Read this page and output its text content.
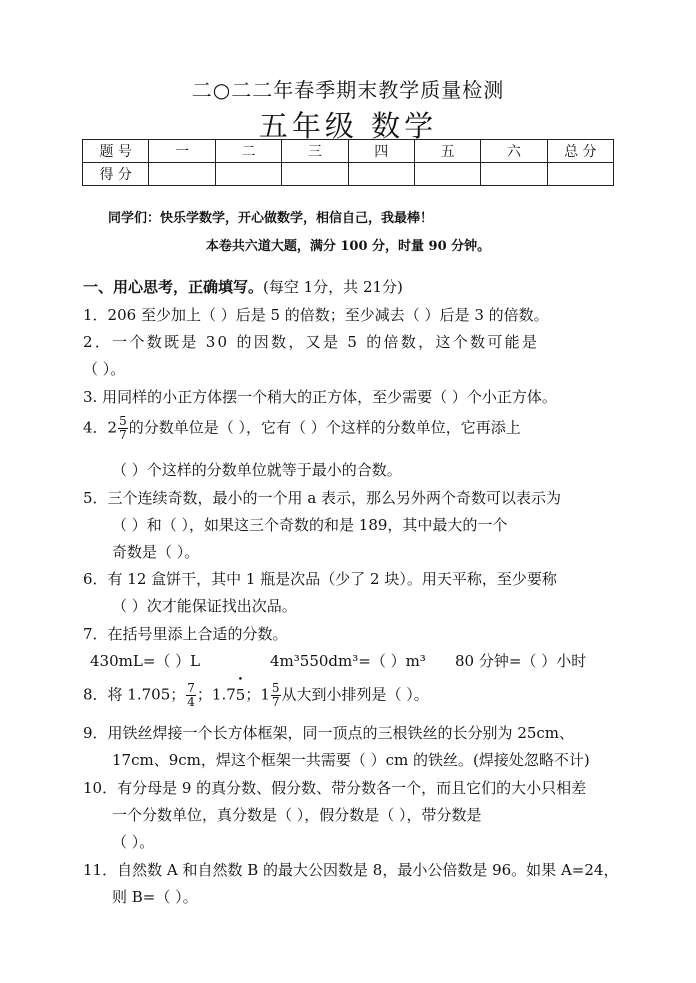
二○二二年春季期末教学质量检测
五年级 数学
题 号	一	二	三	四	五	六	总 分
得 分							
同学们：快乐学数学，开心做数学，相信自己，我最棒！
本卷共六道大题，满分 100 分，时量 90 分钟。
一、用心思考，正确填写。(每空 1分，共 21分)
1．206 至少加上（ ）后是 5 的倍数；至少减去（ ）后是 3 的倍数。
2．一个数既是 30 的因数，又是 5 的倍数，这个数可能是
（ ）。
3. 用同样的小正方体摆一个稍大的正方体，至少需要（ ）个小正方体。
4．$2 \frac{5}{7}$ 的分数单位是（ ），它有（ ）个这样的分数单位，它再添上
（ ）个这样的分数单位就等于最小的合数。
5．三个连续奇数，最小的一个用 a 表示，那么另外两个奇数可以表示为
（ ）和（ ），如果这三个奇数的和是 189，其中最大的一个
奇数是（ ）。
6．有 12 盒饼干，其中 1 瓶是次品（少了 2 块）。用天平称，至少要称
（ ）次才能保证找出次品。
7．在括号里添上合适的分数。
430mL=（ ）L	4m³550dm³=（ ）m³ 80 分钟=（ ）小时
8．将 1.705； $\frac{7}{4}$ ；1.75 •；$1 \frac{5}{7}$ 从大到小排列是（ ）。
9．用铁丝焊接一个长方体框架，同一顶点的三根铁丝的长分别为 25cm、
17cm、9cm，焊这个框架一共需要（ ）cm 的铁丝。(焊接处忽略不计)
10．有分母是 9 的真分数、假分数、带分数各一个，而且它们的大小只相差
一个分数单位，真分数是（ ），假分数是（ ），带分数是
（ ）。
11．自然数 A 和自然数 B 的最大公因数是 8，最小公倍数是 96。如果 A=24，
则 B=（ ）。
